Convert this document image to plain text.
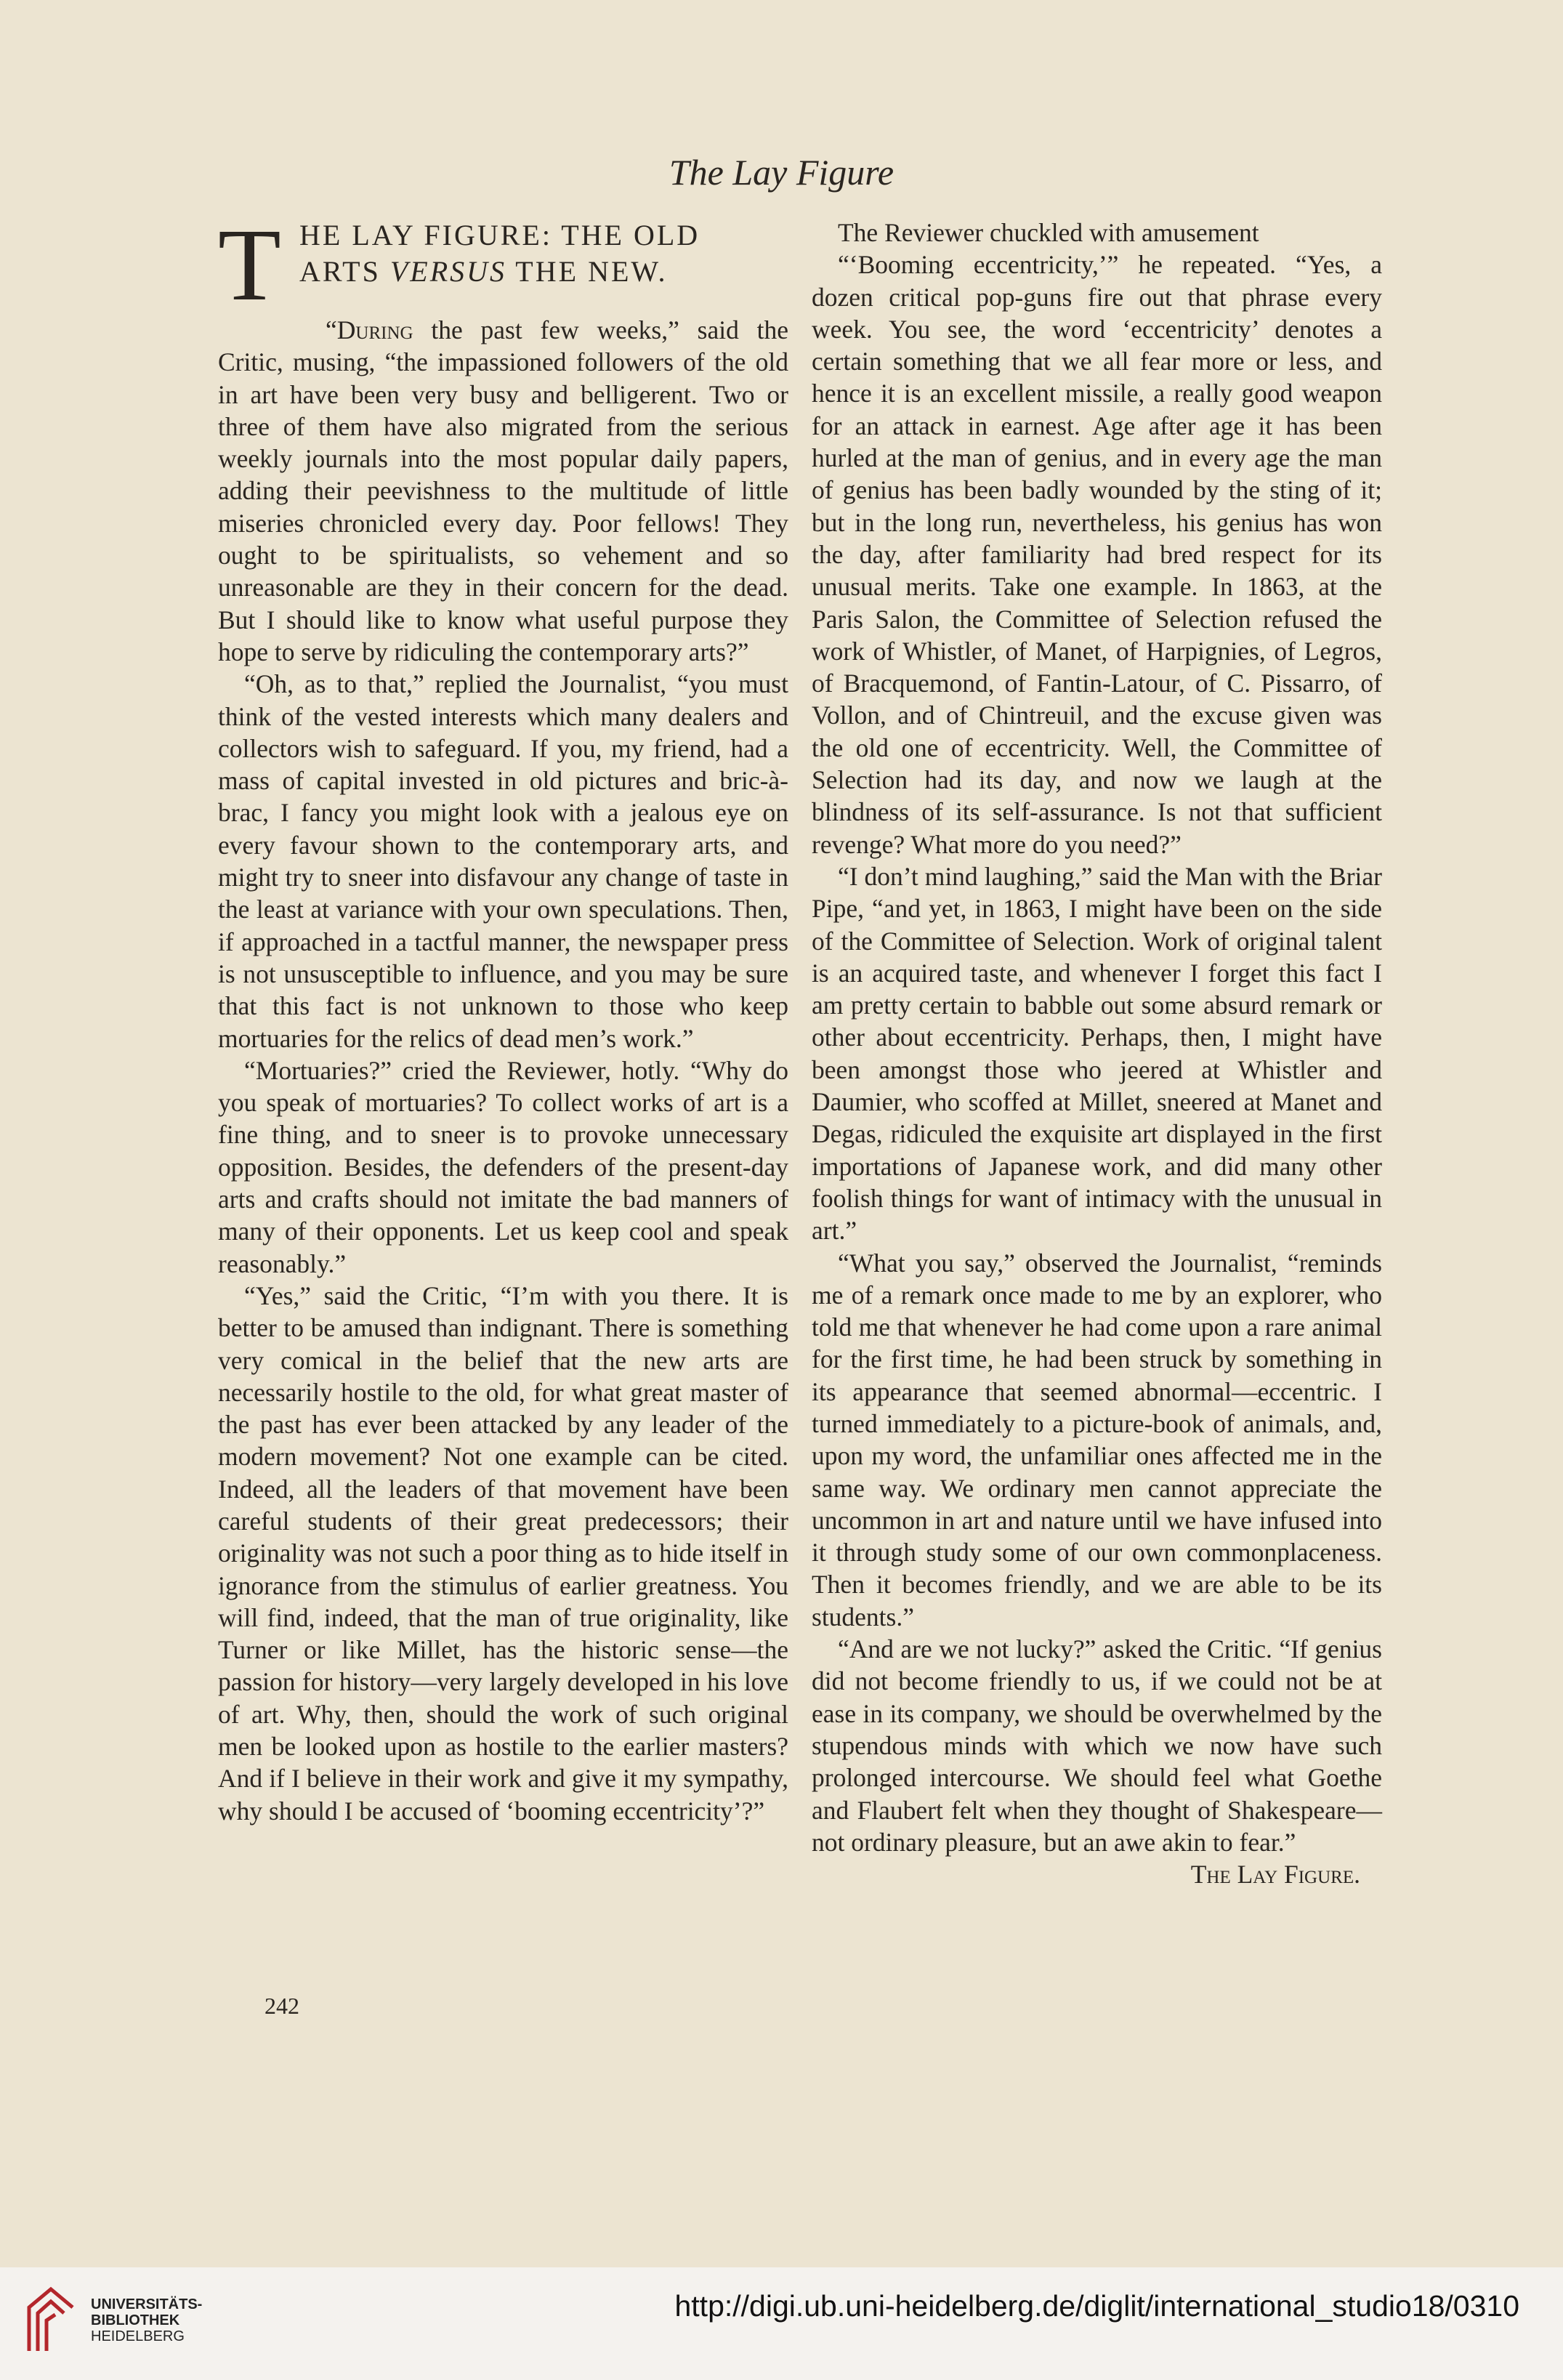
The Lay Figure
T HE LAY FIGURE: THE OLD
ARTS VERSUS THE NEW.

“During the past few weeks,” said the Critic, musing, “the impassioned followers of the old in art have been very busy and belligerent. Two or three of them have also migrated from the serious weekly journals into the most popular daily papers, adding their peevishness to the multitude of little miseries chronicled every day. Poor fellows! They ought to be spiritualists, so vehement and so unreasonable are they in their concern for the dead. But I should like to know what useful purpose they hope to serve by ridiculing the contemporary arts?”

“Oh, as to that,” replied the Journalist, “you must think of the vested interests which many dealers and collectors wish to safeguard. If you, my friend, had a mass of capital invested in old pictures and bric-à-brac, I fancy you might look with a jealous eye on every favour shown to the contemporary arts, and might try to sneer into disfavour any change of taste in the least at variance with your own speculations. Then, if approached in a tactful manner, the newspaper press is not unsusceptible to influence, and you may be sure that this fact is not unknown to those who keep mortuaries for the relics of dead men’s work.”

“Mortuaries?” cried the Reviewer, hotly. “Why do you speak of mortuaries? To collect works of art is a fine thing, and to sneer is to provoke unnecessary opposition. Besides, the defenders of the present-day arts and crafts should not imitate the bad manners of many of their opponents. Let us keep cool and speak reasonably.”

“Yes,” said the Critic, “I’m with you there. It is better to be amused than indignant. There is something very comical in the belief that the new arts are necessarily hostile to the old, for what great master of the past has ever been attacked by any leader of the modern movement? Not one example can be cited. Indeed, all the leaders of that movement have been careful students of their great predecessors; their originality was not such a poor thing as to hide itself in ignorance from the stimulus of earlier greatness. You will find, indeed, that the man of true originality, like Turner or like Millet, has the historic sense—the passion for history—very largely developed in his love of art. Why, then, should the work of such original men be looked upon as hostile to the earlier masters? And if I believe in their work and give it my sympathy, why should I be accused of ‘booming eccentricity’?”

The Reviewer chuckled with amusement

“‘Booming eccentricity,’” he repeated. “Yes, a dozen critical pop-guns fire out that phrase every week. You see, the word ‘eccentricity’ denotes a certain something that we all fear more or less, and hence it is an excellent missile, a really good weapon for an attack in earnest. Age after age it has been hurled at the man of genius, and in every age the man of genius has been badly wounded by the sting of it; but in the long run, nevertheless, his genius has won the day, after familiarity had bred respect for its unusual merits. Take one example. In 1863, at the Paris Salon, the Committee of Selection refused the work of Whistler, of Manet, of Harpignies, of Legros, of Bracquemond, of Fantin-Latour, of C. Pissarro, of Vollon, and of Chintreuil, and the excuse given was the old one of eccentricity. Well, the Committee of Selection had its day, and now we laugh at the blindness of its self-assurance. Is not that sufficient revenge? What more do you need?”

“I don’t mind laughing,” said the Man with the Briar Pipe, “and yet, in 1863, I might have been on the side of the Committee of Selection. Work of original talent is an acquired taste, and whenever I forget this fact I am pretty certain to babble out some absurd remark or other about eccentricity. Perhaps, then, I might have been amongst those who jeered at Whistler and Daumier, who scoffed at Millet, sneered at Manet and Degas, ridiculed the exquisite art displayed in the first importations of Japanese work, and did many other foolish things for want of intimacy with the unusual in art.”

“What you say,” observed the Journalist, “reminds me of a remark once made to me by an explorer, who told me that whenever he had come upon a rare animal for the first time, he had been struck by something in its appearance that seemed abnormal—eccentric. I turned immediately to a picture-book of animals, and, upon my word, the unfamiliar ones affected me in the same way. We ordinary men cannot appreciate the uncommon in art and nature until we have infused into it through study some of our own commonplaceness. Then it becomes friendly, and we are able to be its students.”

“And are we not lucky?” asked the Critic. “If genius did not become friendly to us, if we could not be at ease in its company, we should be overwhelmed by the stupendous minds with which we now have such prolonged intercourse. We should feel what Goethe and Flaubert felt when they thought of Shakespeare—not ordinary pleasure, but an awe akin to fear.”
The Lay Figure.

242
UNIVERSITÄTS-
BIBLIOTHEK
HEIDELBERG
http://digi.ub.uni-heidelberg.de/diglit/international_studio18/0310
